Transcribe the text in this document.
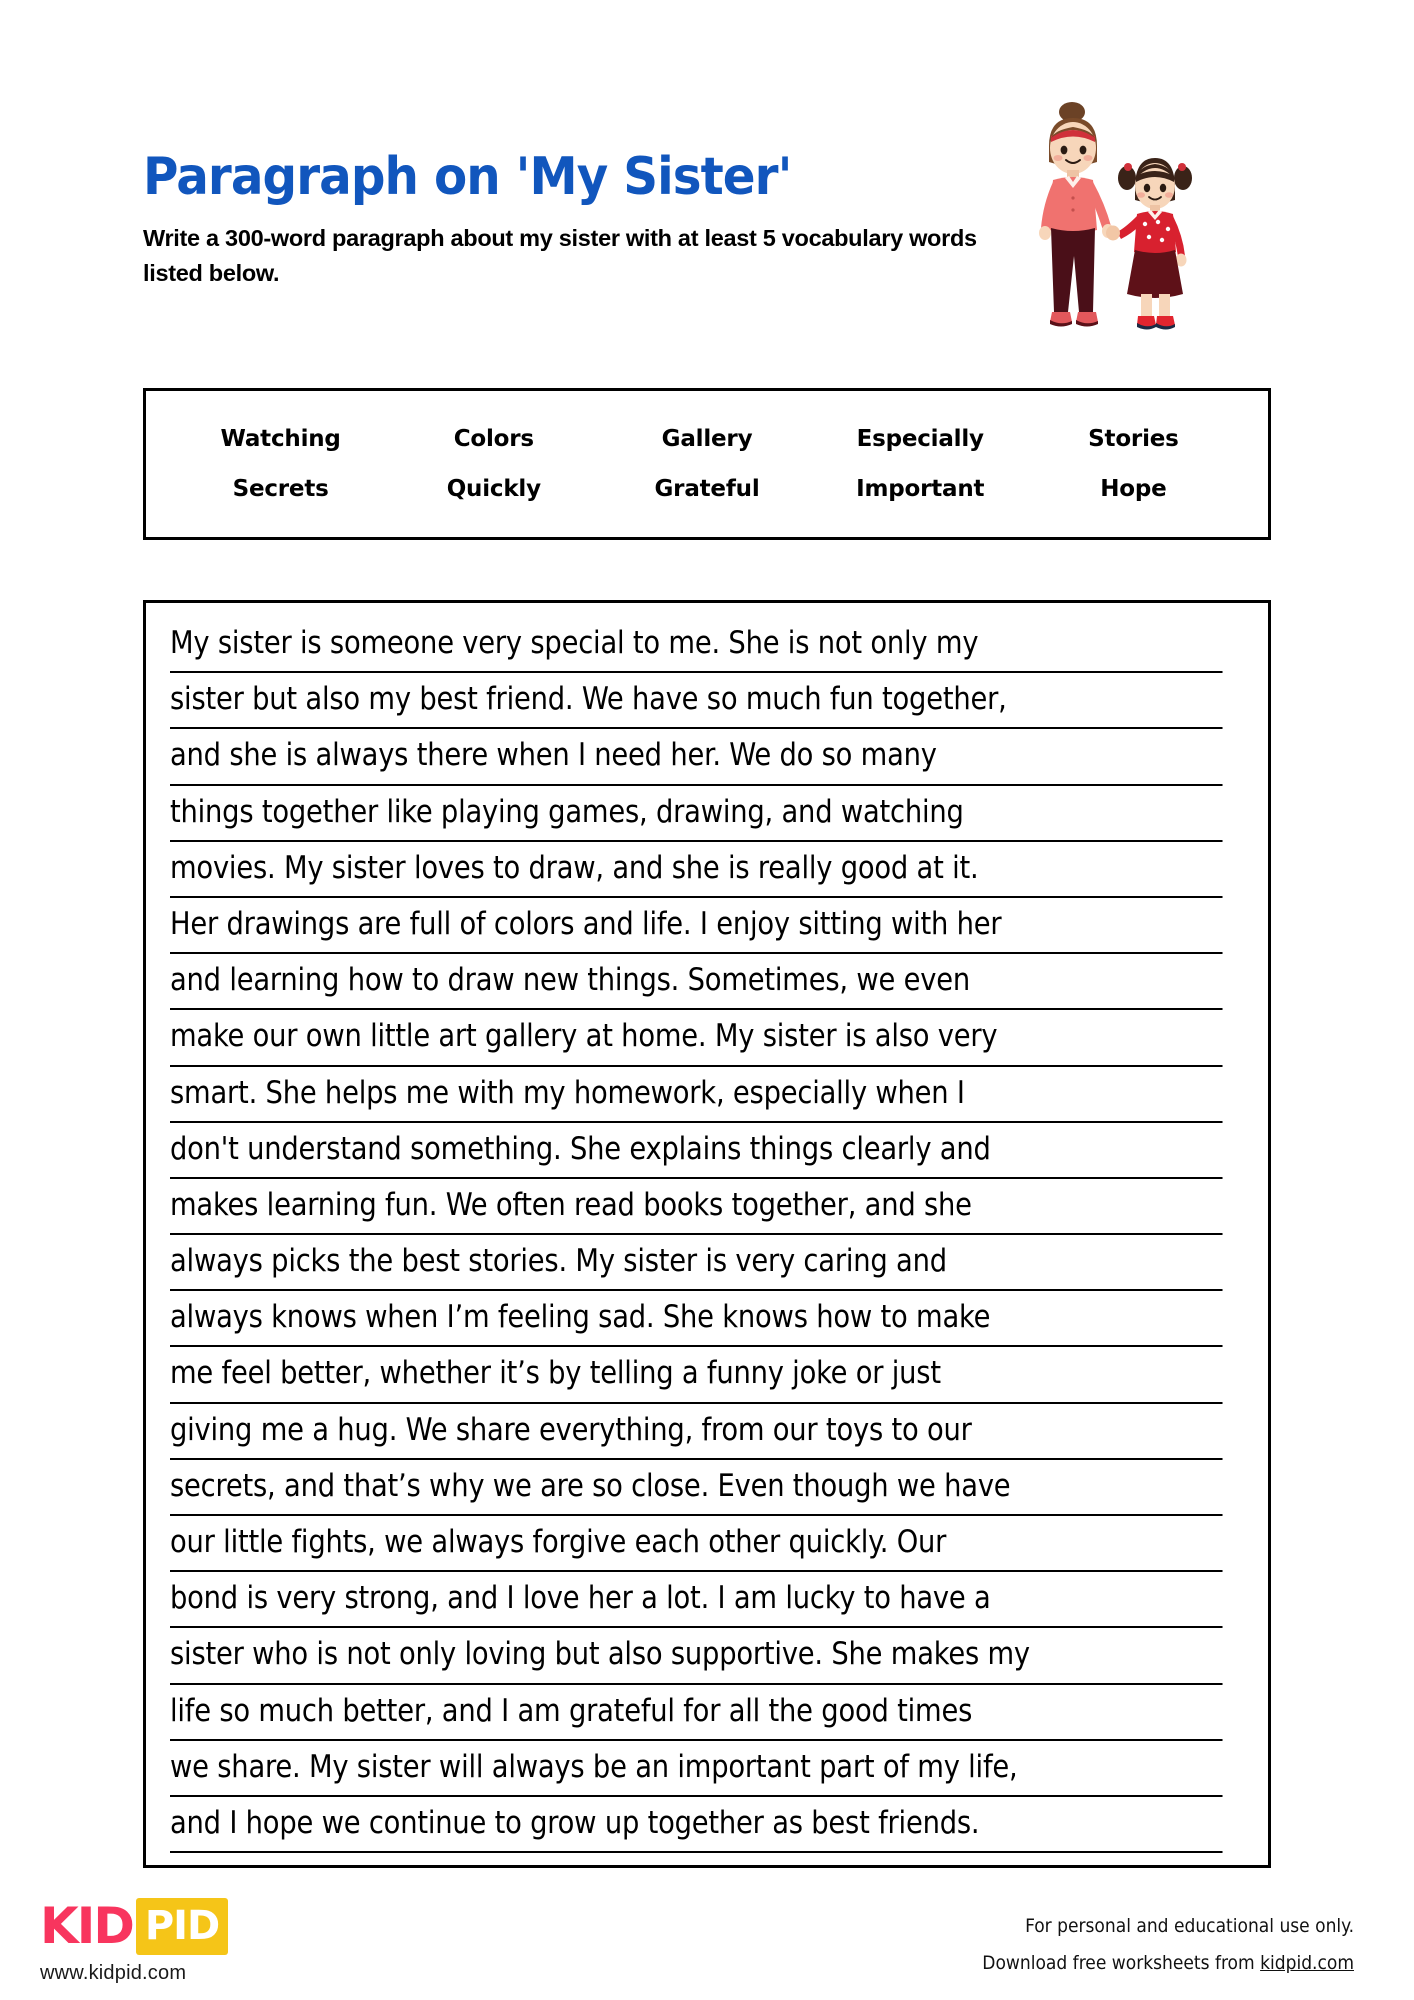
Paragraph on 'My Sister'
Write a 300-word paragraph about my sister with at least 5 vocabulary words listed below.
Watching	Colors	Gallery	Especially	Stories
Secrets	Quickly	Grateful	Important	Hope
My sister is someone very special to me. She is not only my
sister but also my best friend. We have so much fun together,
and she is always there when I need her. We do so many
things together like playing games, drawing, and watching
movies. My sister loves to draw, and she is really good at it.
Her drawings are full of colors and life. I enjoy sitting with her
and learning how to draw new things. Sometimes, we even
make our own little art gallery at home. My sister is also very
smart. She helps me with my homework, especially when I
don't understand something. She explains things clearly and
makes learning fun. We often read books together, and she
always picks the best stories. My sister is very caring and
always knows when I’m feeling sad. She knows how to make
me feel better, whether it’s by telling a funny joke or just
giving me a hug. We share everything, from our toys to our
secrets, and that’s why we are so close. Even though we have
our little fights, we always forgive each other quickly. Our
bond is very strong, and I love her a lot. I am lucky to have a
sister who is not only loving but also supportive. She makes my
life so much better, and I am grateful for all the good times
we share. My sister will always be an important part of my life,
and I hope we continue to grow up together as best friends.
KID PID
www.kidpid.com
For personal and educational use only.
Download free worksheets from kidpid.com
